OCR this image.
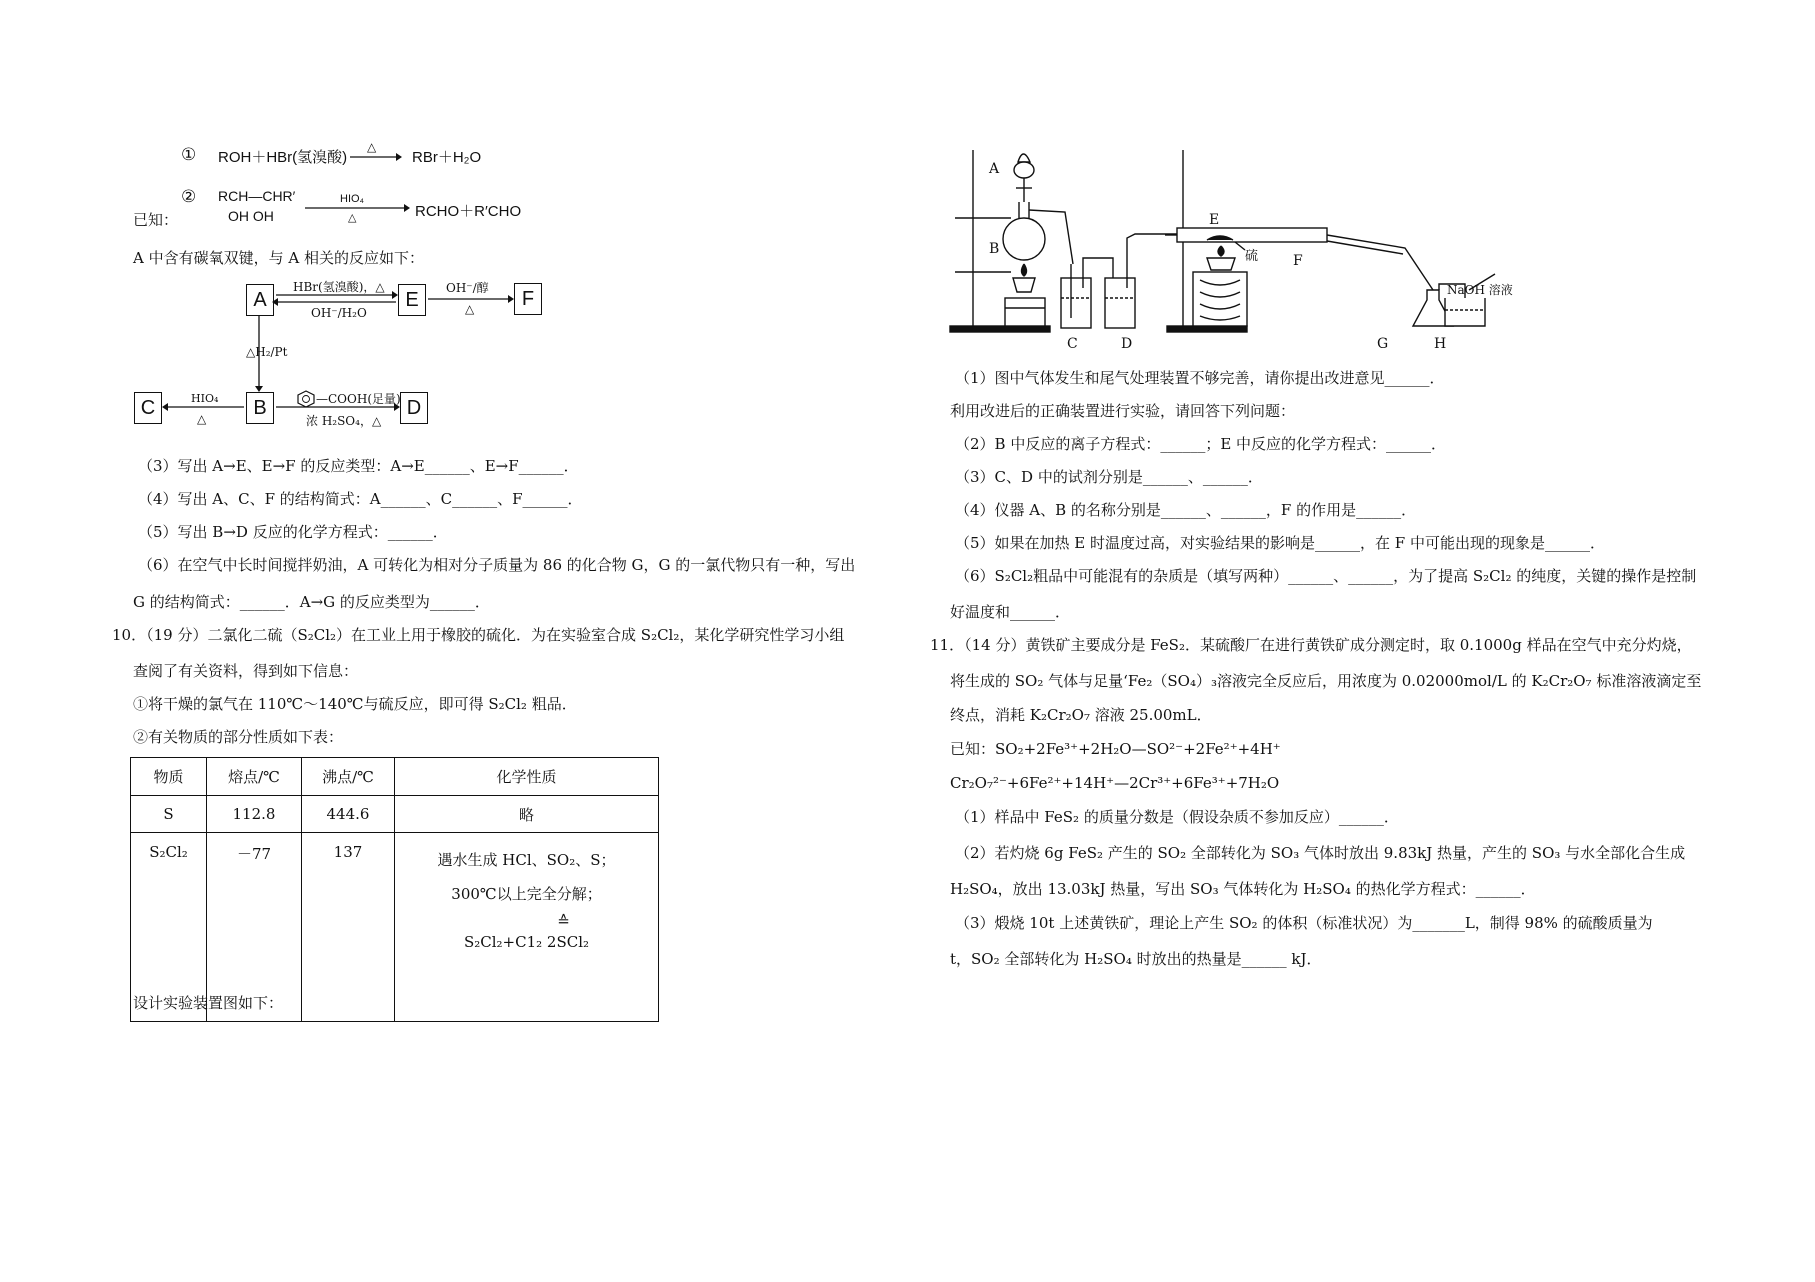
① ROH＋HBr(氢溴酸)
△
→ RBr＋H₂O
② RCH—CHR′
OH OH
HIO₄
△	RCHO＋R′CHO
已知：
A 中含有碳氧双键，与 A 相关的反应如下：
A	E	F
B
C	D
HBr(氢溴酸)，△
OH⁻/H₂O
OH⁻/醇
△
△H₂/Pt
HIO₄
△
—COOH(足量)
浓 H₂SO₄，△
（3）写出 A→E、E→F 的反应类型：A→E______、E→F______．
（4）写出 A、C、F 的结构简式：A______、C______、F______．
（5）写出 B→D 反应的化学方程式：______．
（6）在空气中长时间搅拌奶油，A 可转化为相对分子质量为 86 的化合物 G，G 的一氯代物只有一种，写出
G 的结构简式：______．A→G 的反应类型为______．
10．（19 分）二氯化二硫（S₂Cl₂）在工业上用于橡胶的硫化．为在实验室合成 S₂Cl₂，某化学研究性学习小组
查阅了有关资料，得到如下信息：
①将干燥的氯气在 110℃～140℃与硫反应，即可得 S₂Cl₂ 粗品．
②有关物质的部分性质如下表：
物质	熔点/℃	沸点/℃	化学性质
S	112.8	444.6	略
S₂Cl₂	－77	137	遇水生成 HCl、SO₂、S；
300℃以上完全分解；
≙
S₂Cl₂+C1₂ 2SCl₂
设计实验装置图如下：
A
B
C	D
E
F
G	H
硫
NaOH 溶液
（1）图中气体发生和尾气处理装置不够完善，请你提出改进意见______．
利用改进后的正确装置进行实验，请回答下列问题：
（2）B 中反应的离子方程式：______；E 中反应的化学方程式：______．
（3）C、D 中的试剂分别是______、______．
（4）仪器 A、B 的名称分别是______、______，F 的作用是______．
（5）如果在加热 E 时温度过高，对实验结果的影响是______，在 F 中可能出现的现象是______．
（6）S₂Cl₂粗品中可能混有的杂质是（填写两种）______、______，为了提高 S₂Cl₂ 的纯度，关键的操作是控制
好温度和______．
11．（14 分）黄铁矿主要成分是 FeS₂．某硫酸厂在进行黄铁矿成分测定时，取 0.1000g 样品在空气中充分灼烧，
将生成的 SO₂ 气体与足量‘Fe₂（SO₄）₃溶液完全反应后，用浓度为 0.02000mol/L 的 K₂Cr₂O₇ 标准溶液滴定至
终点，消耗 K₂Cr₂O₇ 溶液 25.00mL．
已知：SO₂+2Fe³⁺+2H₂O—SO²⁻+2Fe²⁺+4H⁺
Cr₂O₇²⁻+6Fe²⁺+14H⁺—2Cr³⁺+6Fe³⁺+7H₂O
（1）样品中 FeS₂ 的质量分数是（假设杂质不参加反应）______．
（2）若灼烧 6g FeS₂ 产生的 SO₂ 全部转化为 SO₃ 气体时放出 9.83kJ 热量，产生的 SO₃ 与水全部化合生成
H₂SO₄，放出 13.03kJ 热量，写出 SO₃ 气体转化为 H₂SO₄ 的热化学方程式：______．
（3）煅烧 10t 上述黄铁矿，理论上产生 SO₂ 的体积（标准状况）为_______L，制得 98% 的硫酸质量为
t，SO₂ 全部转化为 H₂SO₄ 时放出的热量是______ kJ．
